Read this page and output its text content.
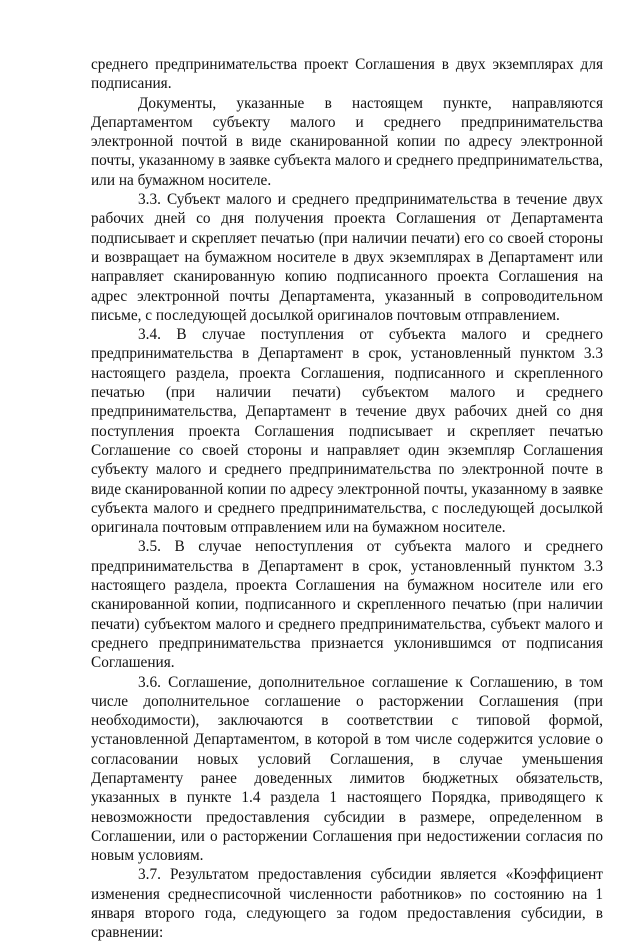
среднего предпринимательства проект Соглашения в двух экземплярах для подписания.

Документы, указанные в настоящем пункте, направляются Департаментом субъекту малого и среднего предпринимательства электронной почтой в виде сканированной копии по адресу электронной почты, указанному в заявке субъекта малого и среднего предпринимательства, или на бумажном носителе.

3.3. Субъект малого и среднего предпринимательства в течение двух рабочих дней со дня получения проекта Соглашения от Департамента подписывает и скрепляет печатью (при наличии печати) его со своей стороны и возвращает на бумажном носителе в двух экземплярах в Департамент или направляет сканированную копию подписанного проекта Соглашения на адрес электронной почты Департамента, указанный в сопроводительном письме, с последующей досылкой оригиналов почтовым отправлением.

3.4. В случае поступления от субъекта малого и среднего предпринимательства в Департамент в срок, установленный пунктом 3.3 настоящего раздела, проекта Соглашения, подписанного и скрепленного печатью (при наличии печати) субъектом малого и среднего предпринимательства, Департамент в течение двух рабочих дней со дня поступления проекта Соглашения подписывает и скрепляет печатью Соглашение со своей стороны и направляет один экземпляр Соглашения субъекту малого и среднего предпринимательства по электронной почте в виде сканированной копии по адресу электронной почты, указанному в заявке субъекта малого и среднего предпринимательства, с последующей досылкой оригинала почтовым отправлением или на бумажном носителе.

3.5. В случае непоступления от субъекта малого и среднего предпринимательства в Департамент в срок, установленный пунктом 3.3 настоящего раздела, проекта Соглашения на бумажном носителе или его сканированной копии, подписанного и скрепленного печатью (при наличии печати) субъектом малого и среднего предпринимательства, субъект малого и среднего предпринимательства признается уклонившимся от подписания Соглашения.

3.6. Соглашение, дополнительное соглашение к Соглашению, в том числе дополнительное соглашение о расторжении Соглашения (при необходимости), заключаются в соответствии с типовой формой, установленной Департаментом, в которой в том числе содержится условие о согласовании новых условий Соглашения, в случае уменьшения Департаменту ранее доведенных лимитов бюджетных обязательств, указанных в пункте 1.4 раздела 1 настоящего Порядка, приводящего к невозможности предоставления субсидии в размере, определенном в Соглашении, или о расторжении Соглашения при недостижении согласия по новым условиям.

3.7. Результатом предоставления субсидии является «Коэффициент изменения среднесписочной численности работников» по состоянию на 1 января второго года, следующего за годом предоставления субсидии, в сравнении:
